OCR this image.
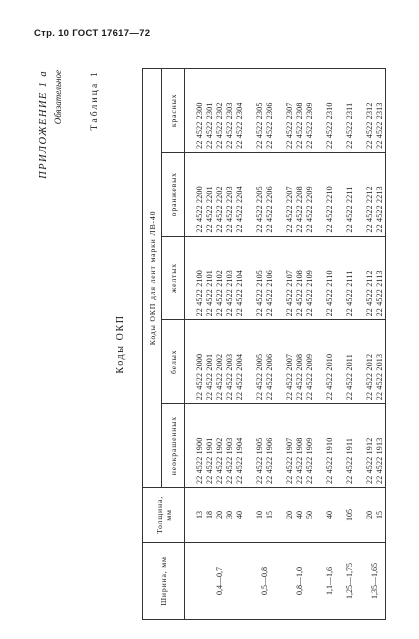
Стр. 10 ГОСТ 17617—72
ПРИЛОЖЕНИЕ 1 а Обязательное	Таблица 1
Коды ОКП
Ширина, мм	Толщина, мм	Коды ОКП для лент марки ЛВ-40				
		неокрашенных	белых	желтых	оранжевых	красных

0,4—0,7	13 18 20 30 40	22 4522 1900 22 4522 1901 22 4522 1902 22 4522 1903 22 4522 1904	22 4522 2000 22 4522 2001 22 4522 2002 22 4522 2003 22 4522 2004	22 4522 2100 22 4522 2101 22 4522 2102 22 4522 2103 22 4522 2104	22 4522 2200 22 4522 2201 22 4522 2202 22 4522 2203 22 4522 2204	22 4522 2300 22 4522 2301 22 4522 2302 22 4522 2303 22 4522 2304

0,5—0,8	10 15	22 4522 1905 22 4522 1906	22 4522 2005 22 4522 2006	22 4522 2105 22 4522 2106	22 4522 2205 22 4522 2206	22 4522 2305 22 4522 2306

0,8—1,0	20 40 50	22 4522 1907 22 4522 1908 22 4522 1909	22 4522 2007 22 4522 2008 22 4522 2009	22 4522 2107 22 4522 2108 22 4522 2109	22 4522 2207 22 4522 2208 22 4522 2209	22 4522 2307 22 4522 2308 22 4522 2309

1,1—1,6	40	22 4522 1910	22 4522 2010	22 4522 2110	22 4522 2210	22 4522 2310

1,25—1,75	105	22 4522 1911	22 4522 2011	22 4522 2111	22 4522 2211	22 4522 2311

1,35—1,65	20 15	22 4522 1912 22 4522 1913	22 4522 2012 22 4522 2013	22 4522 2112 22 4522 2113	22 4522 2212 22 4522 2213	22 4522 2312 22 4522 2313
